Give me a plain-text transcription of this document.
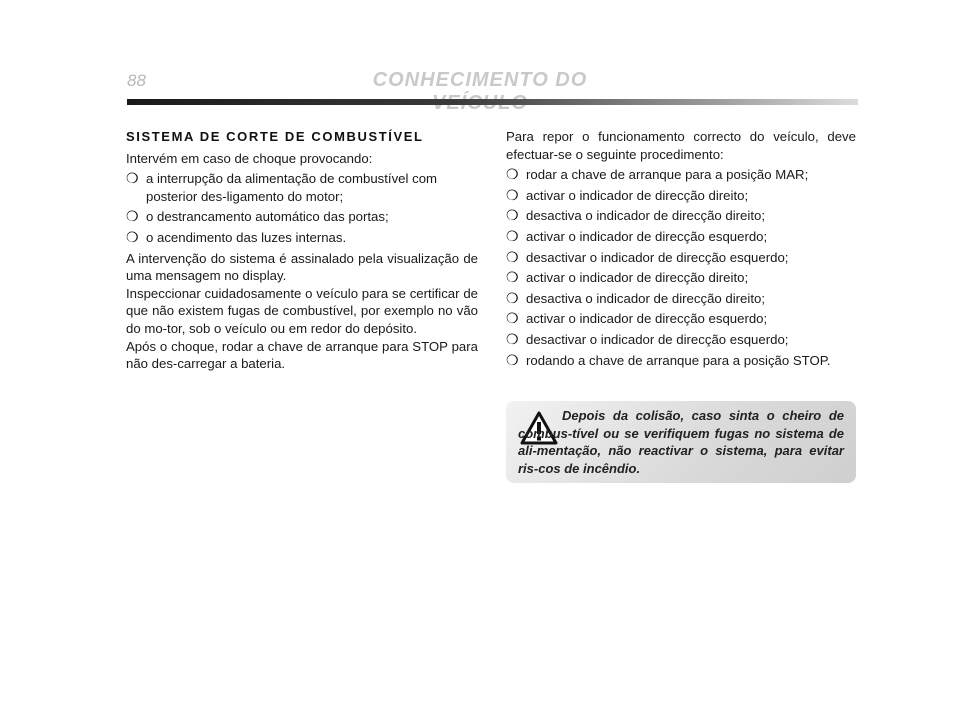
88	CONHECIMENTO DO
SISTEMA DE CORTE DE COMBUSTÍVEL

Intervém em caso de choque provocando:

❍ a interrupção da alimentação de combustível com posterior des-ligamento do motor;
❍ o destrancamento automático das portas;
❍ o acendimento das luzes internas.

A intervenção do sistema é assinalado pela visualização de uma mensagem no display.

Inspeccionar cuidadosamente o veículo para se certificar de que não existem fugas de combustível, por exemplo no vão do mo-tor, sob o veículo ou em redor do depósito.

Após o choque, rodar a chave de arranque para STOP para não des-carregar a bateria.

Para repor o funcionamento correcto do veículo, deve efectuar-se o seguinte procedimento:

❍ rodar a chave de arranque para a posição MAR;
❍ activar o indicador de direcção direito;
❍ desactiva o indicador de direcção direito;
❍ activar o indicador de direcção esquerdo;
❍ desactivar o indicador de direcção esquerdo;
❍ activar o indicador de direcção direito;
❍ desactiva o indicador de direcção direito;
❍ activar o indicador de direcção esquerdo;
❍ desactivar o indicador de direcção esquerdo;
❍ rodando a chave de arranque para a posição STOP.
Depois da colisão, caso sinta o cheiro de combus-tível ou se verifiquem fugas no sistema de ali-mentação, não reactivar o sistema, para evitar ris-cos de incêndio.
